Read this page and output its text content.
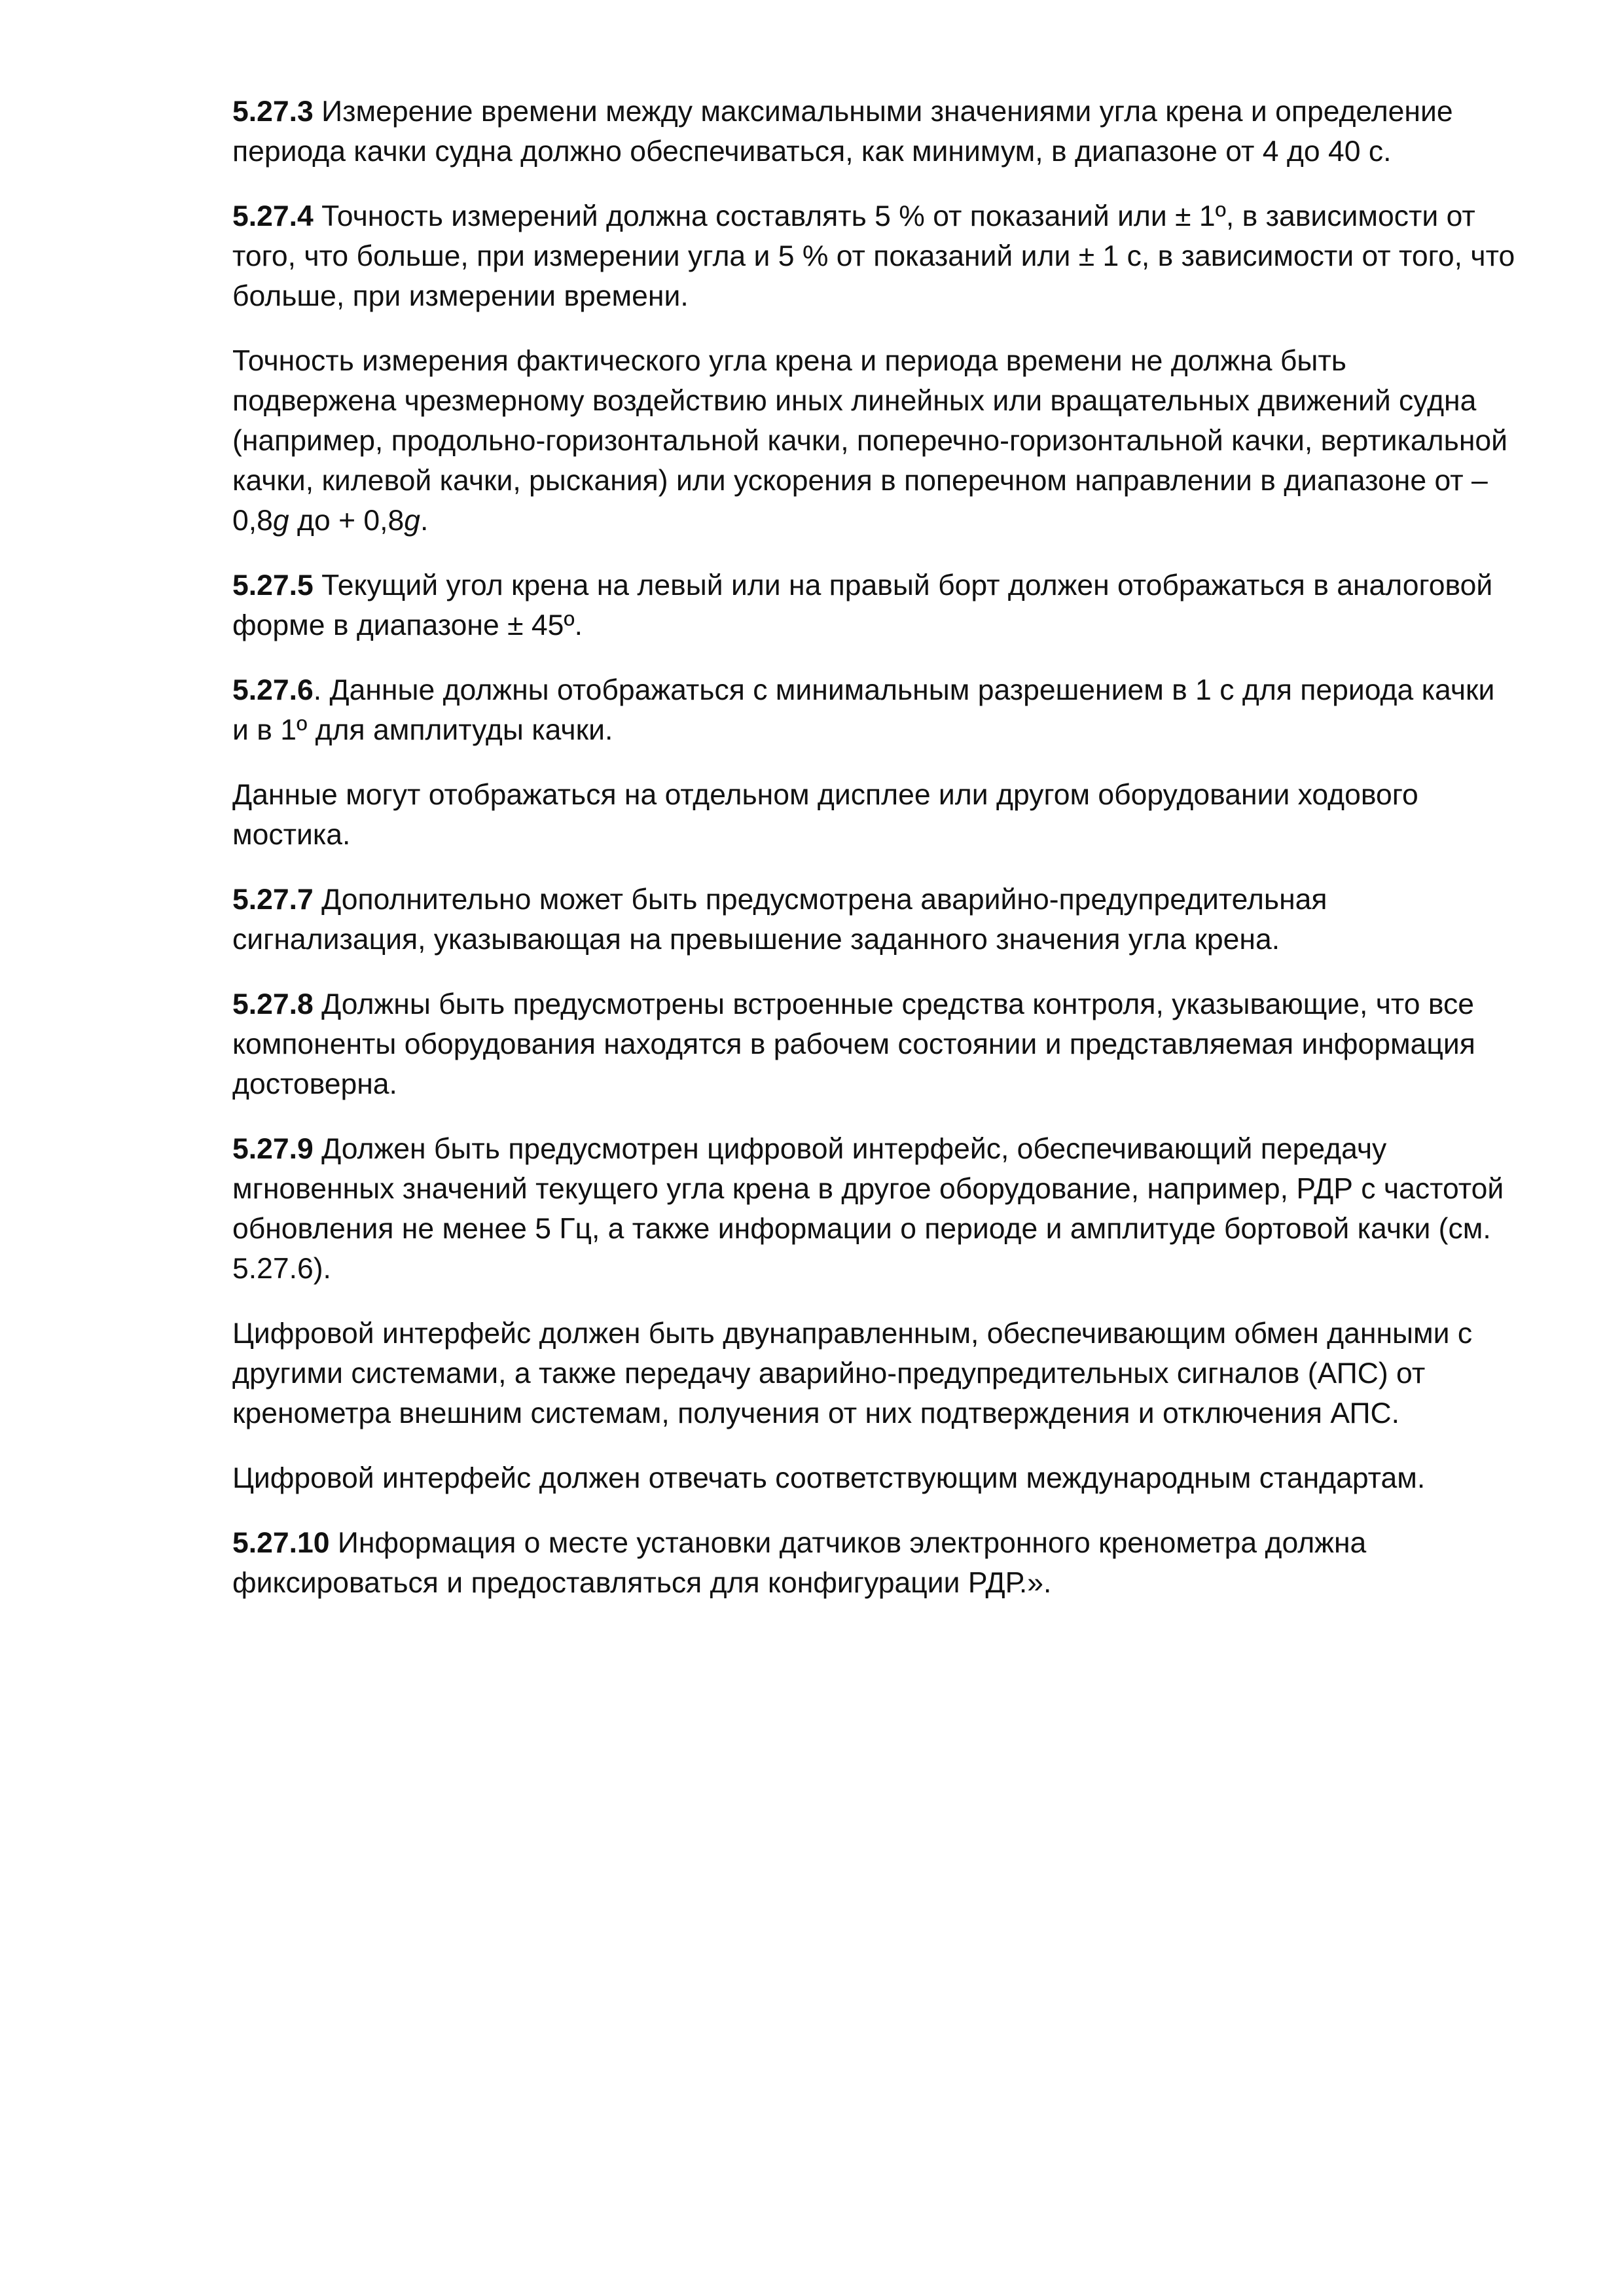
5.27.3 Измерение времени между максимальными значениями угла крена и определение периода качки судна должно обеспечиваться, как минимум, в диапазоне от 4 до 40 с.

5.27.4 Точность измерений должна составлять 5 % от показаний или ± 1º, в зависимости от того, что больше, при измерении угла и 5 % от показаний или ± 1 с, в зависимости от того, что больше, при измерении времени.

Точность измерения фактического угла крена и периода времени не должна быть подвержена чрезмерному воздействию иных линейных или вращательных движений судна (например, продольно-горизонтальной качки, поперечно-горизонтальной качки, вертикальной качки, килевой качки, рыскания) или ускорения в поперечном направлении в диапазоне от – 0,8g до + 0,8g.

5.27.5 Текущий угол крена на левый или на правый борт должен отображаться в аналоговой форме в диапазоне ± 45º.

5.27.6. Данные должны отображаться с минимальным разрешением в 1 с для периода качки и в 1º для амплитуды качки.

Данные могут отображаться на отдельном дисплее или другом оборудовании ходового мостика.

5.27.7 Дополнительно может быть предусмотрена аварийно-предупредительная сигнализация, указывающая на превышение заданного значения угла крена.

5.27.8 Должны быть предусмотрены встроенные средства контроля, указывающие, что все компоненты оборудования находятся в рабочем состоянии и представляемая информация достоверна.

5.27.9 Должен быть предусмотрен цифровой интерфейс, обеспечивающий передачу мгновенных значений текущего угла крена в другое оборудование, например, РДР с частотой обновления не менее 5 Гц, а также информации о периоде и амплитуде бортовой качки (см. 5.27.6).

Цифровой интерфейс должен быть двунаправленным, обеспечивающим обмен данными с другими системами, а также передачу аварийно-предупредительных сигналов (АПС) от кренометра внешним системам, получения от них подтверждения и отключения АПС.

Цифровой интерфейс должен отвечать соответствующим международным стандартам.

5.27.10 Информация о месте установки датчиков электронного кренометра должна фиксироваться и предоставляться для конфигурации РДР.».
